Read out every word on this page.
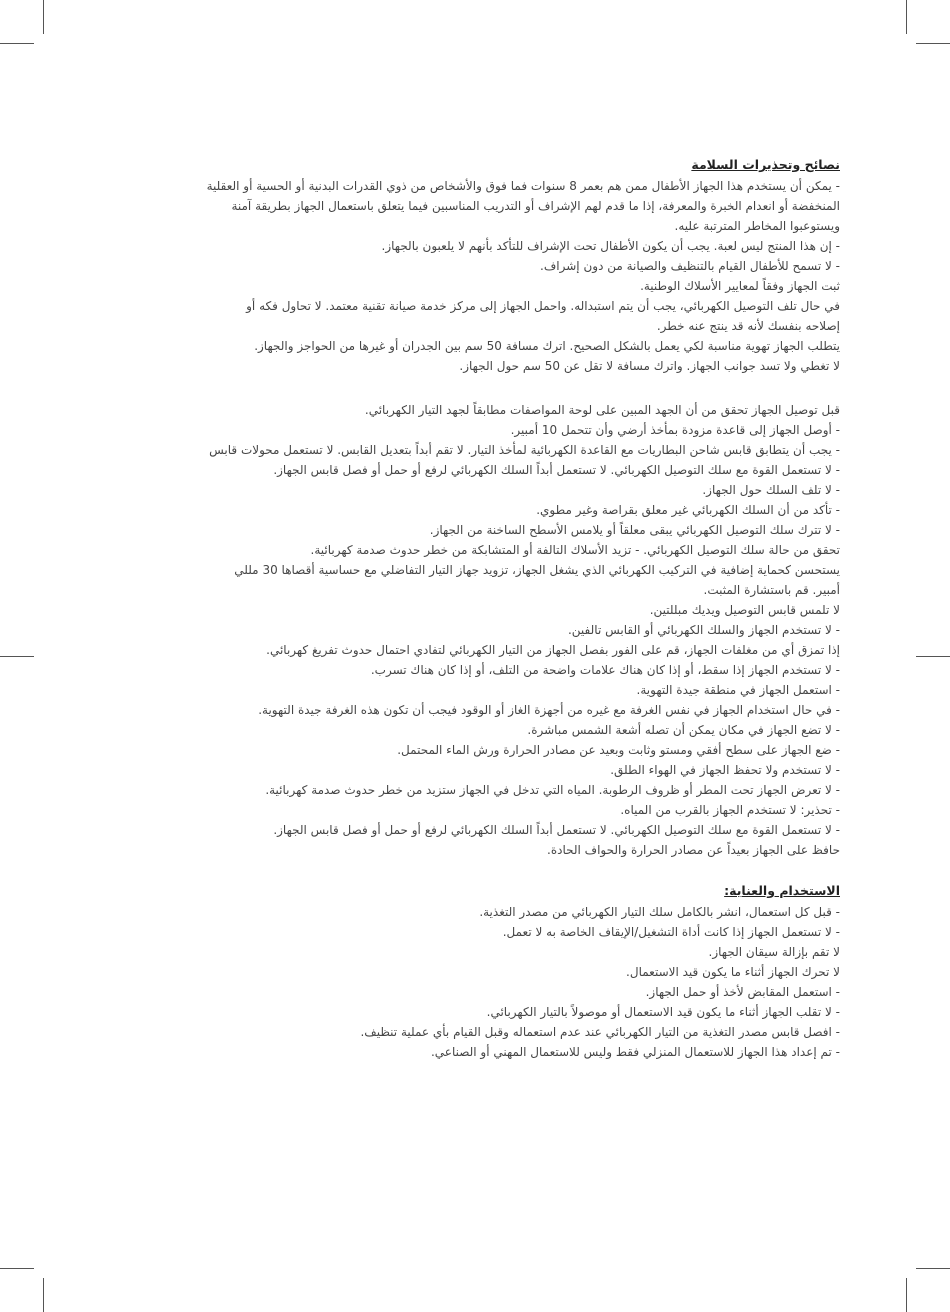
نصائح وتحذيرات السلامة
- يمكن أن يستخدم هذا الجهاز الأطفال ممن هم بعمر 8 سنوات فما فوق والأشخاص من ذوي القدرات البدنية أو الحسية أو العقلية
المنخفضة أو انعدام الخبرة والمعرفة، إذا ما قدم لهم الإشراف أو التدريب المناسبين فيما يتعلق باستعمال الجهاز بطريقة آمنة
ويستوعبوا المخاطر المترتبة عليه.
- إن هذا المنتج ليس لعبة. يجب أن يكون الأطفال تحت الإشراف للتأكد بأنهم لا يلعبون بالجهاز.
- لا تسمح للأطفال القيام بالتنظيف والصيانة من دون إشراف.
ثبت الجهاز وفقاً لمعايير الأسلاك الوطنية.
في حال تلف التوصيل الكهربائي، يجب أن يتم استبداله. واحمل الجهاز إلى مركز خدمة صيانة تقنية معتمد. لا تحاول فكه أو
إصلاحه بنفسك لأنه قد ينتج عنه خطر.
يتطلب الجهاز تهوية مناسبة لكي يعمل بالشكل الصحيح. اترك مسافة 50 سم بين الجدران أو غيرها من الحواجز والجهاز.
لا تغطي ولا تسد جوانب الجهاز. واترك مسافة لا تقل عن 50 سم حول الجهاز.
قبل توصيل الجهاز تحقق من أن الجهد المبين على لوحة المواصفات مطابقاً لجهد التيار الكهربائي.
- أوصل الجهاز إلى قاعدة مزودة بمأخذ أرضي وأن تتحمل 10 أمبير.
- يجب أن يتطابق قابس شاحن البطاريات مع القاعدة الكهربائية لمأخذ التيار. لا تقم أبداً بتعديل القابس. لا تستعمل محولات قابس
- لا تستعمل القوة مع سلك التوصيل الكهربائي. لا تستعمل أبداً السلك الكهربائي لرفع أو حمل أو فصل قابس الجهاز.
- لا تلف السلك حول الجهاز.
- تأكد من أن السلك الكهربائي غير معلق بقراصة وغير مطوي.
- لا تترك سلك التوصيل الكهربائي يبقى معلقاً أو يلامس الأسطح الساخنة من الجهاز.
تحقق من حالة سلك التوصيل الكهربائي. - تزيد الأسلاك التالفة أو المتشابكة من خطر حدوث صدمة كهربائية.
يستحسن كحماية إضافية في التركيب الكهربائي الذي يشغل الجهاز، تزويد جهاز التيار التفاضلي مع حساسية أقصاها 30 مللي
أمبير. قم باستشارة المثبت.
لا تلمس قابس التوصيل ويديك مبللتين.
- لا تستخدم الجهاز والسلك الكهربائي أو القابس تالفين.
إذا تمزق أي من مغلفات الجهاز، قم على الفور بفصل الجهاز من التيار الكهربائي لتفادي احتمال حدوث تفريغ كهربائي.
- لا تستخدم الجهاز إذا سقط، أو إذا كان هناك علامات واضحة من التلف، أو إذا كان هناك تسرب.
- استعمل الجهاز في منطقة جيدة التهوية.
- في حال استخدام الجهاز في نفس الغرفة مع غيره من أجهزة الغاز أو الوقود فيجب أن تكون هذه الغرفة جيدة التهوية.
- لا تضع الجهاز في مكان يمكن أن تصله أشعة الشمس مباشرة.
- ضع الجهاز على سطح أفقي ومستو وثابت وبعيد عن مصادر الحرارة ورش الماء المحتمل.
- لا تستخدم ولا تحفظ الجهاز في الهواء الطلق.
- لا تعرض الجهاز تحت المطر أو ظروف الرطوبة. المياه التي تدخل في الجهاز ستزيد من خطر حدوث صدمة كهربائية.
- تحذير: لا تستخدم الجهاز بالقرب من المياه.
- لا تستعمل القوة مع سلك التوصيل الكهربائي. لا تستعمل أبداً السلك الكهربائي لرفع أو حمل أو فصل قابس الجهاز.
حافظ على الجهاز بعيداً عن مصادر الحرارة والحواف الحادة.
الاستخدام والعناية:
- قبل كل استعمال، انشر بالكامل سلك التيار الكهربائي من مصدر التغذية.
- لا تستعمل الجهاز إذا كانت أداة التشغيل/الإيقاف الخاصة به لا تعمل.
لا تقم بإزالة سيقان الجهاز.
لا تحرك الجهاز أثناء ما يكون قيد الاستعمال.
- استعمل المقابض لأخذ أو حمل الجهاز.
- لا تقلب الجهاز أثناء ما يكون قيد الاستعمال أو موصولاً بالتيار الكهربائي.
- افصل قابس مصدر التغذية من التيار الكهربائي عند عدم استعماله وقبل القيام بأي عملية تنظيف.
- تم إعداد هذا الجهاز للاستعمال المنزلي فقط وليس للاستعمال المهني أو الصناعي.
